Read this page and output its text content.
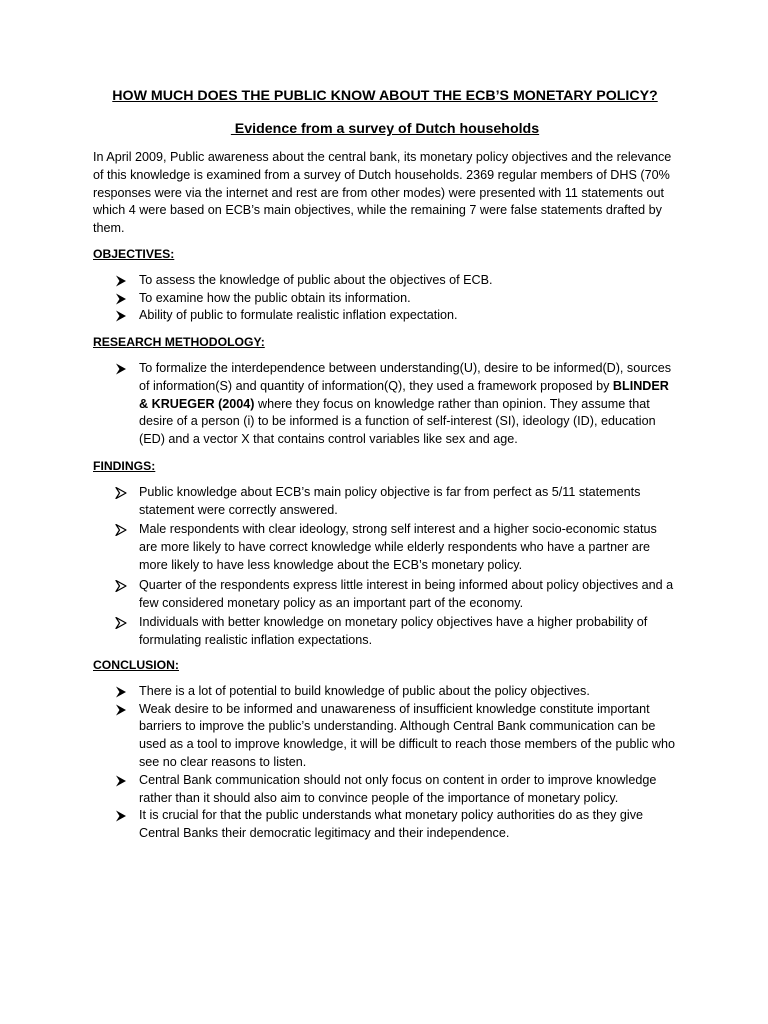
HOW MUCH DOES THE PUBLIC KNOW ABOUT THE ECB’S MONETARY POLICY?
Evidence from a survey of Dutch households

In April 2009, Public awareness about the central bank, its monetary policy objectives and the relevance of this knowledge is examined from a survey of Dutch households. 2369 regular members of DHS (70% responses were via the internet and rest are from other modes) were presented with 11 statements out which 4 were based on ECB’s main objectives, while the remaining 7 were false statements drafted by them.

OBJECTIVES:
To assess the knowledge of public about the objectives of ECB.
To examine how the public obtain its information.
Ability of public to formulate realistic inflation expectation.
RESEARCH METHODOLOGY:
To formalize the interdependence between understanding(U), desire to be informed(D), sources of information(S) and quantity of information(Q), they used a framework proposed by BLINDER & KRUEGER (2004) where they focus on knowledge rather than opinion. They assume that desire of a person (i) to be informed is a function of self-interest (SI), ideology (ID), education (ED) and a vector X that contains control variables like sex and age.
FINDINGS:
Public knowledge about ECB’s main policy objective is far from perfect as 5/11 statements statement were correctly answered.
Male respondents with clear ideology, strong self interest and a higher socio-economic status are more likely to have correct knowledge while elderly respondents who have a partner are more likely to have less knowledge about the ECB’s monetary policy.
Quarter of the respondents express little interest in being informed about policy objectives and a few considered monetary policy as an important part of the economy.
Individuals with better knowledge on monetary policy objectives have a higher probability of formulating realistic inflation expectations.
CONCLUSION:
There is a lot of potential to build knowledge of public about the policy objectives.
Weak desire to be informed and unawareness of insufficient knowledge constitute important barriers to improve the public’s understanding. Although Central Bank communication can be used as a tool to improve knowledge, it will be difficult to reach those members of the public who see no clear reasons to listen.
Central Bank communication should not only focus on content in order to improve knowledge rather than it should also aim to convince people of the importance of monetary policy.
It is crucial for that the public understands what monetary policy authorities do as they give Central Banks their democratic legitimacy and their independence.
